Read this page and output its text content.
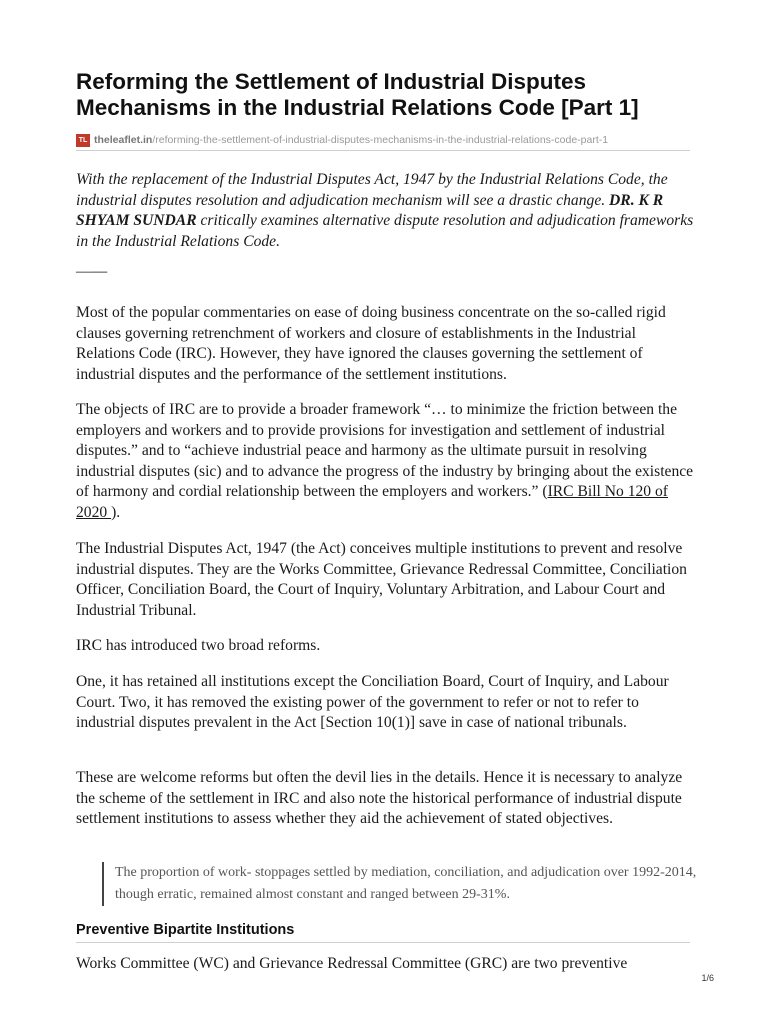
Reforming the Settlement of Industrial Disputes Mechanisms in the Industrial Relations Code [Part 1]
TL theleaflet.in/reforming-the-settlement-of-industrial-disputes-mechanisms-in-the-industrial-relations-code-part-1

With the replacement of the Industrial Disputes Act, 1947 by the Industrial Relations Code, the industrial disputes resolution and adjudication mechanism will see a drastic change. DR. K R SHYAM SUNDAR critically examines alternative dispute resolution and adjudication frameworks in the Industrial Relations Code.

——

Most of the popular commentaries on ease of doing business concentrate on the so-called rigid clauses governing retrenchment of workers and closure of establishments in the Industrial Relations Code (IRC). However, they have ignored the clauses governing the settlement of industrial disputes and the performance of the settlement institutions.

The objects of IRC are to provide a broader framework “… to minimize the friction between the employers and workers and to provide provisions for investigation and settlement of industrial disputes.” and to “achieve industrial peace and harmony as the ultimate pursuit in resolving industrial disputes (sic) and to advance the progress of the industry by bringing about the existence of harmony and cordial relationship between the employers and workers.” (IRC Bill No 120 of 2020 ).

The Industrial Disputes Act, 1947 (the Act) conceives multiple institutions to prevent and resolve industrial disputes. They are the Works Committee, Grievance Redressal Committee, Conciliation Officer, Conciliation Board, the Court of Inquiry, Voluntary Arbitration, and Labour Court and Industrial Tribunal.

IRC has introduced two broad reforms.

One, it has retained all institutions except the Conciliation Board, Court of Inquiry, and Labour Court. Two, it has removed the existing power of the government to refer or not to refer to industrial disputes prevalent in the Act [Section 10(1)] save in case of national tribunals.

These are welcome reforms but often the devil lies in the details. Hence it is necessary to analyze the scheme of the settlement in IRC and also note the historical performance of industrial dispute settlement institutions to assess whether they aid the achievement of stated objectives.

The proportion of work- stoppages settled by mediation, conciliation, and adjudication over 1992-2014, though erratic, remained almost constant and ranged between 29-31%.
Preventive Bipartite Institutions

Works Committee (WC) and Grievance Redressal Committee (GRC) are two preventive

1/6
